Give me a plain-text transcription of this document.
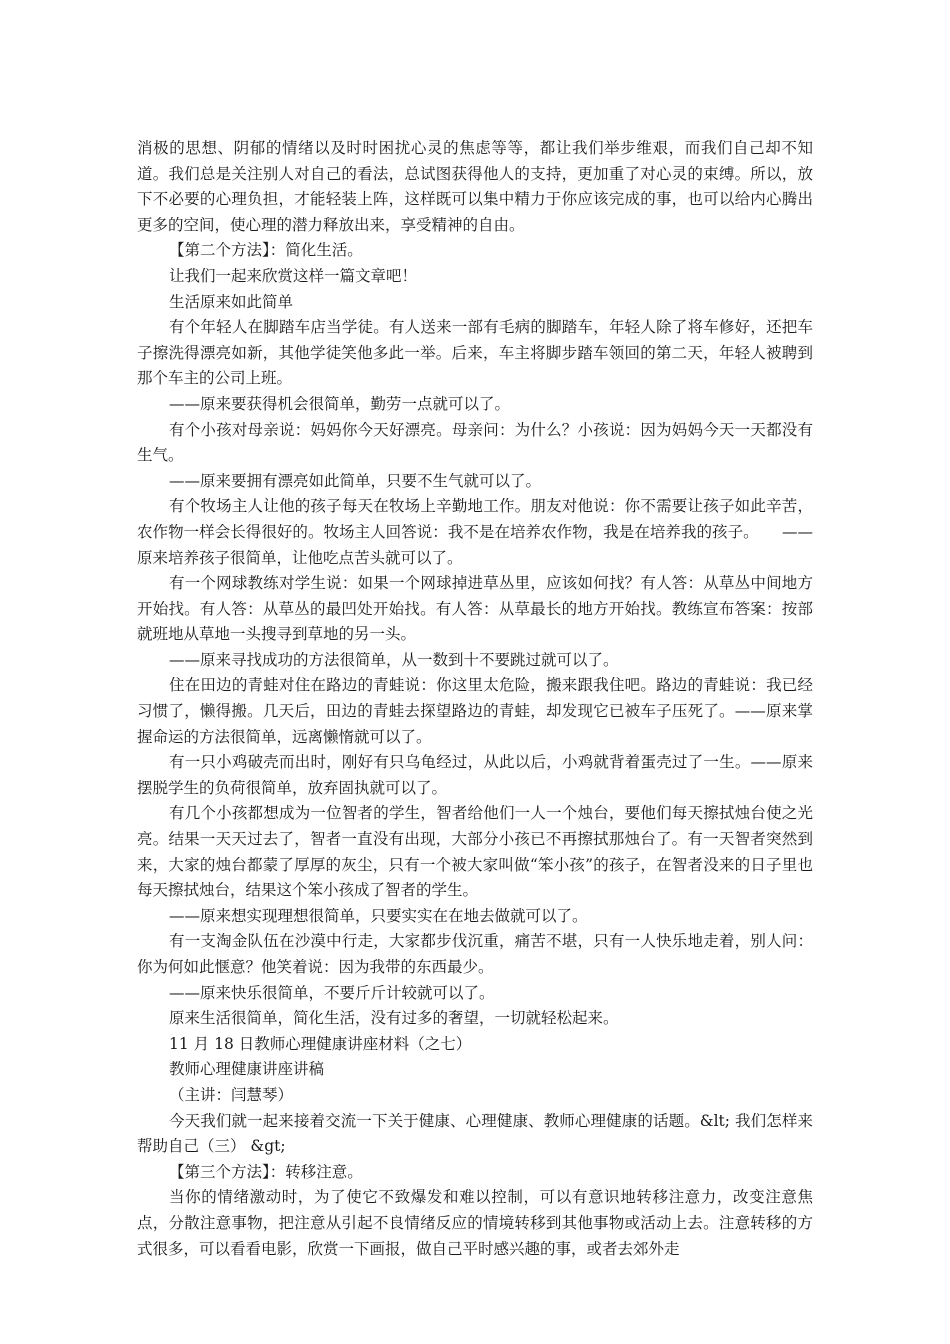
消极的思想、阴郁的情绪以及时时困扰心灵的焦虑等等，都让我们举步维艰，而我们自己却不知道。我们总是关注别人对自己的看法，总试图获得他人的支持，更加重了对心灵的束缚。所以，放下不必要的心理负担，才能轻装上阵，这样既可以集中精力于你应该完成的事，也可以给内心腾出更多的空间，使心理的潜力释放出来，享受精神的自由。

【第二个方法】：简化生活。

让我们一起来欣赏这样一篇文章吧！

生活原来如此简单

有个年轻人在脚踏车店当学徒。有人送来一部有毛病的脚踏车，年轻人除了将车修好，还把车子擦洗得漂亮如新，其他学徒笑他多此一举。后来，车主将脚步踏车领回的第二天，年轻人被聘到那个车主的公司上班。

——原来要获得机会很简单，勤劳一点就可以了。

有个小孩对母亲说：妈妈你今天好漂亮。母亲问：为什么？小孩说：因为妈妈今天一天都没有生气。

——原来要拥有漂亮如此简单，只要不生气就可以了。

有个牧场主人让他的孩子每天在牧场上辛勤地工作。朋友对他说：你不需要让孩子如此辛苦，农作物一样会长得很好的。牧场主人回答说：我不是在培养农作物，我是在培养我的孩子。　　——原来培养孩子很简单，让他吃点苦头就可以了。

有一个网球教练对学生说：如果一个网球掉进草丛里，应该如何找？有人答：从草丛中间地方开始找。有人答：从草丛的最凹处开始找。有人答：从草最长的地方开始找。教练宣布答案：按部就班地从草地一头搜寻到草地的另一头。

——原来寻找成功的方法很简单，从一数到十不要跳过就可以了。

住在田边的青蛙对住在路边的青蛙说：你这里太危险，搬来跟我住吧。路边的青蛙说：我已经习惯了，懒得搬。几天后，田边的青蛙去探望路边的青蛙，却发现它已被车子压死了。——原来掌握命运的方法很简单，远离懒惰就可以了。

有一只小鸡破壳而出时，刚好有只乌龟经过，从此以后，小鸡就背着蛋壳过了一生。——原来摆脱学生的负荷很简单，放弃固执就可以了。

有几个小孩都想成为一位智者的学生，智者给他们一人一个烛台，要他们每天擦拭烛台使之光亮。结果一天天过去了，智者一直没有出现，大部分小孩已不再擦拭那烛台了。有一天智者突然到来，大家的烛台都蒙了厚厚的灰尘，只有一个被大家叫做“笨小孩”的孩子，在智者没来的日子里也每天擦拭烛台，结果这个笨小孩成了智者的学生。

——原来想实现理想很简单，只要实实在在地去做就可以了。

有一支淘金队伍在沙漠中行走，大家都步伐沉重，痛苦不堪，只有一人快乐地走着，别人问：你为何如此惬意？他笑着说：因为我带的东西最少。

——原来快乐很简单，不要斤斤计较就可以了。

原来生活很简单，简化生活，没有过多的奢望，一切就轻松起来。

11 月 18 日教师心理健康讲座材料（之七）

教师心理健康讲座讲稿

（主讲：闫慧琴）

今天我们就一起来接着交流一下关于健康、心理健康、教师心理健康的话题。&lt; 我们怎样来帮助自己（三） &gt;

【第三个方法】：转移注意。

当你的情绪激动时，为了使它不致爆发和难以控制，可以有意识地转移注意力，改变注意焦点，分散注意事物，把注意从引起不良情绪反应的情境转移到其他事物或活动上去。注意转移的方式很多，可以看看电影，欣赏一下画报，做自己平时感兴趣的事，或者去郊外走
